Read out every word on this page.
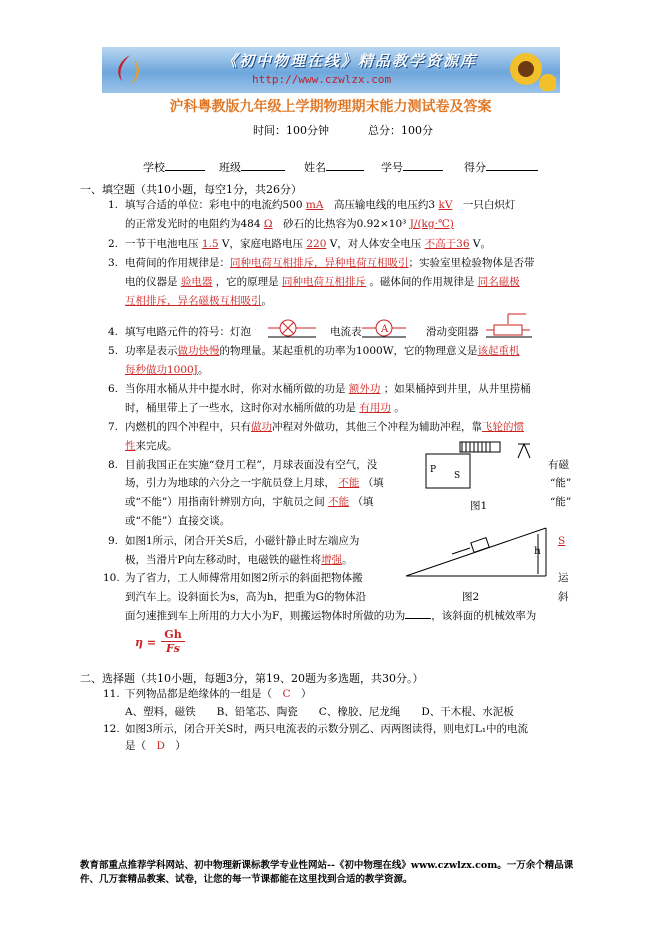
《初中物理在线》精品教学资源库
http://www.czwlzx.com
沪科粤教版九年级上学期物理期末能力测试卷及答案
时间：100分钟	总分：100分
学校	班级	姓名	学号	得分
一、填空题（共10小题，每空1分，共26分）
1. 填写合适的单位：彩电中的电流约500 mA　 高压输电线的电压约3 kV　 一只白炽灯
的正常发光时的电阻约为484 Ω　 砂石的比热容为0.92×10³ J/(kg·℃)
2. 一节干电池电压 1.5 V，家庭电路电压 220 V，对人体安全电压 不高于36 V。
3. 电荷间的作用规律是：同种电荷互相排斥，异种电荷互相吸引；实验室里检验物体是否带
电的仪器是 验电器 ，它的原理是 同种电荷互相排斥 。磁体间的作用规律是 同名磁极
互相排斥，异名磁极互相吸引。
4. 填写电路元件的符号：灯泡	电流表 A	滑动变阻器
5. 功率是表示做功快慢的物理量。某起重机的功率为1000W，它的物理意义是该起重机
每秒做功1000J。
6. 当你用水桶从井中提水时，你对水桶所做的功是 额外功 ；如果桶掉到井里，从井里捞桶
时，桶里带上了一些水，这时你对水桶所做的功是 有用功 。
7. 内燃机的四个冲程中，只有做功冲程对外做功，其他三个冲程为辅助冲程，靠飞轮的惯
性来完成。
8. 目前我国正在实施“登月工程”，月球表面没有空气，没	有磁
场，引力为地球的六分之一宇航员登上月球， 不能 （填	“能”
或“不能”）用指南针辨别方向，宇航员之间 不能 （填	“能”
或“不能”）直接交谈。
P
S
图1
9. 如图1所示，闭合开关S后，小磁针静止时左端应为	S
极，当滑片P向左移动时，电磁铁的磁性将增强。
h
图2
10. 为了省力，工人师傅常用如图2所示的斜面把物体搬	运
到汽车上。设斜面长为s，高为h，把重为G的物体沿	斜
面匀速推到车上所用的力大小为F，则搬运物体时所做的功为 ，该斜面的机械效率为
η =
Gh
Fs
二、选择题（共10小题，每题3分，第19、20题为多选题，共30分。）
11. 下列物品都是绝缘体的一组是（　 C　 ）
A、塑料，磁铁　　B、铅笔芯、陶瓷　　C、橡胶、尼龙绳　　D、干木棍、水泥板
12. 如图3所示，闭合开关S时，两只电流表的示数分别乙、丙两图读得，则电灯L₁中的电流
是（　 D　 ）
教育部重点推荐学科网站、初中物理新课标教学专业性网站--《初中物理在线》www.czwlzx.com。一万余个精品课件、几万套精品教案、试卷，让您的每一节课都能在这里找到合适的教学资源。
